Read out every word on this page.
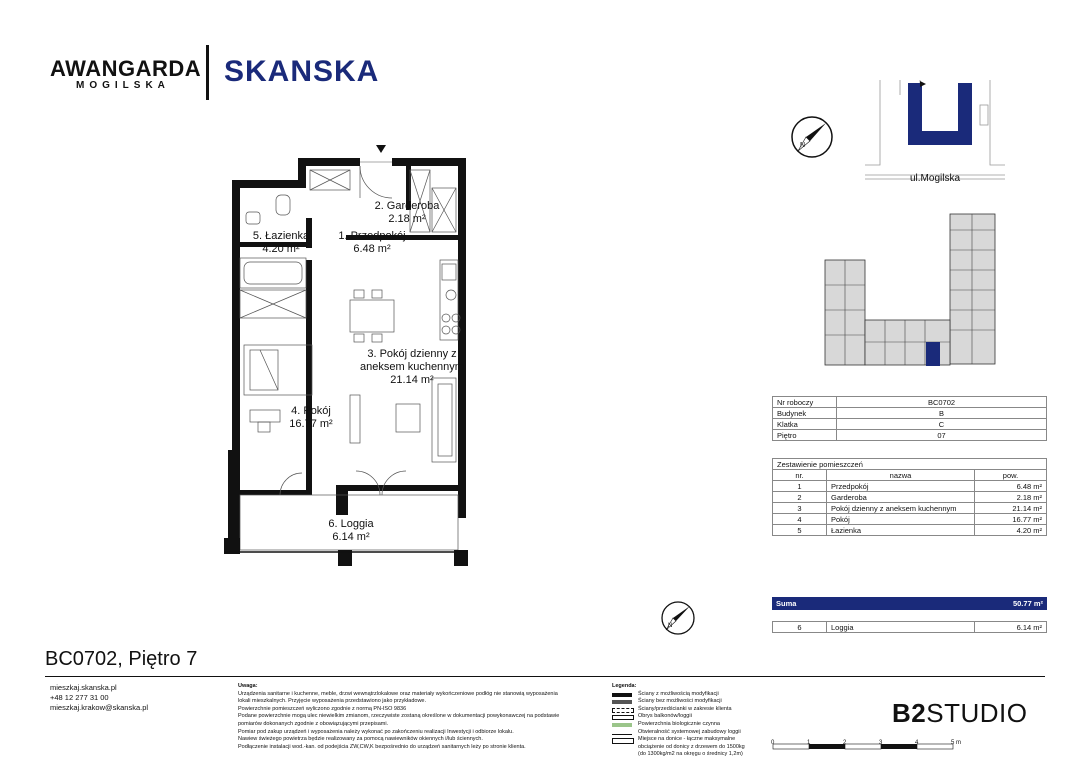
AWANGARDA
MOGILSKA SKANSKA
2. Garderoba
2.18 m²
5. Łazienka
4.20 m²
1. Przedpokój
6.48 m²
3. Pokój dzienny z
aneksem kuchennym
21.14 m²
4. Pokój
16.77 m²
6. Loggia
6.14 m²
N
ul.Mogilska
Nr roboczy	BC0702
Budynek	B
Klatka	C
Piętro	07
Zestawienie pomieszczeń		
nr.	nazwa	pow.
1	Przedpokój	6.48 m²
2	Garderoba	2.18 m²
3	Pokój dzienny z aneksem kuchennym	21.14 m²
4	Pokój	16.77 m²
5	Łazienka	4.20 m²
Suma	50.77 m²
6	Loggia	6.14 m²
N
BC0702, Piętro 7
mieszkaj.skanska.pl
+48 12 277 31 00
mieszkaj.krakow@skanska.pl
Uwaga:
Urządzenia sanitarne i kuchenne, meble, drzwi wewnątrzlokalowe oraz materiały wykończeniowe podłóg nie stanowią wyposażenia
lokali mieszkalnych. Przyjęcie wyposażenia przedstawiono jako przykładowe.
Powierzchnie pomieszczeń wyliczono zgodnie z normą PN-ISO 9836
Podane powierzchnie mogą ulec niewielkim zmianom, rzeczywiste zostaną określone w dokumentacji powykonawczej na podstawie
pomiarów dokonanych zgodnie z obowiązującymi przepisami.
Pomiar pod zakup urządzeń i wyposażenia należy wykonać po zakończeniu realizacji Inwestycji i odbiorze lokalu.
Nawiew świeżego powietrza będzie realizowany za pomocą nawiewników okiennych i/lub ściennych.
Podłączenie instalacji wod.-kan. od podejścia ZW,CW,K bezpośrednio do urządzeń sanitarnych leży po stronie klienta.
Legenda:
Ściany z możliwością modyfikacji
Ściany bez możliwości modyfikacji
Ściany/przedścianki w zakresie klienta
Obrys balkonów/loggii
Powierzchnia biologicznie czynna
Otwieralność systemowej zabudowy loggii
Miejsce na donice - łączne maksymalne
obciążenie od donicy z drzewem do 1500kg
(do 1300kg/m2 na okręgu o średnicy 1,2m)
B2STUDIO
0	1	2	3	4	5 m
